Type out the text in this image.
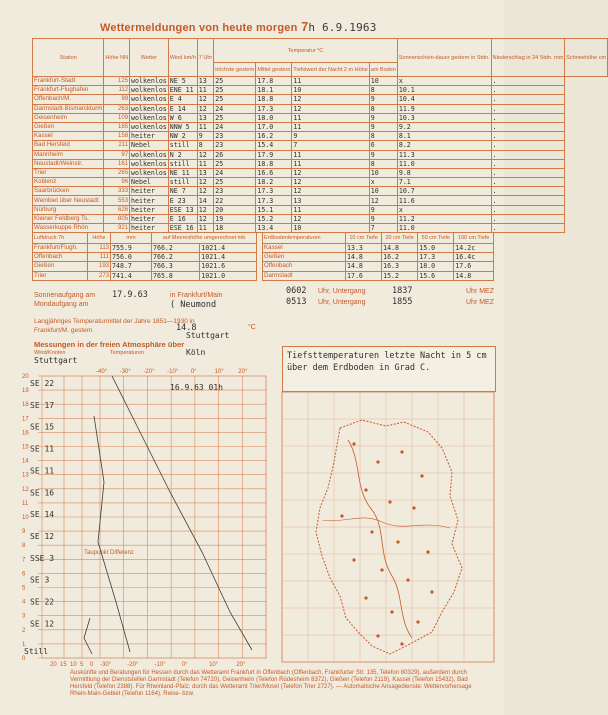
Wettermeldungen von heute morgen 7h 6.9.1963
Station	Höhe NN	Wetter	Wind km/h	7 Uhr	Temperatur °C				Sonnenschein-dauer gestern in Stdn.	Niederschlag in 24 Stdn. mm	Schneehöhe cm
					höchste gestern	Mittel gestern	Tiefstwert der Nacht 2 m Höhe	am Boden			
Frankfurt-Stadt	125	wolkenlos	NE 5	13	25	17.8	11	10	x	.	
Frankfurt-Flughafen	112	wolkenlos	ENE 11	11	25	18.1	10	8	10.1	.	
Offenbach/M.	99	wolkenlos	E 4	12	25	18.8	12	9	10.4	.	
Darmstadt-Bismarckturm	263	wolkenlos	E 14	12	24	17.3	12	8	11.9	.	
Geisenheim	109	wolkenlos	W 6	13	25	18.0	11	9	10.3	.	
Gießen	185	wolkenlos	NNW 5	11	24	17.0	11	9	9.2	.	
Kassel	158	heiter	NW 2	9	23	16.2	9	8	8.1	.	
Bad Hersfeld	211	Nebel	still	8	23	15.4	7	6	8.2	.	
Mannheim	97	wolkenlos	N 2	12	26	17.9	11	9	11.3	.	
Neustadt/Weinstr.	161	wolkenlos	still	11	25	18.8	11	8	11.0	.	
Trier	265	wolkenlos	NE 11	13	24	16.6	12	10	9.8	.	
Koblenz	96	Nebel	still	12	25	18.2	12	x	7.1	.	
Saarbrücken	333	heiter	NE 7	12	23	17.3	12	10	10.7	.	
Weinbiet über Neustadt	553	heiter	E 23	14	22	17.3	13	12	11.6	.	
Nürburg	626	heiter	ESE 13	12	20	15.1	11	9	x	.	
Kleiner Feldberg Ts.	805	heiter	E 16	12	19	15.2	12	9	11.2	.	
Wasserkuppe Rhön	921	heiter	ESE 16	11	18	13.4	10	7	11.0	.	
Luftdruck 7h	Höhe	mm	auf Meereshöhe umgerechnet mb	
Frankfurt/Flugh.	113	755.9	766.2	1021.4
Offenbach	111	756.0	766.2	1021.4
Gießen	193	748.7	766.3	1021.6
Trier	273	741.4	765.8	1021.0
Erdbodentemperaturen	10 cm Tiefe	20 cm Tiefe	50 cm Tiefe	100 cm Tiefe
Kassel	13.3	14.8	15.0	14.2c
Gießen	14.8	16.2	17.3	16.4c
Offenbach	14.8	16.3	18.0	17.6
Darmstadt	17.6	15.2	15.6	14.8
Sonnenaufgang am 17.9.63	in Frankfurt/Main	0602 Uhr, Untergang	1837	Uhr MEZ
Mondaufgang am	( Neumond	0513 Uhr, Untergang	1855	Uhr MEZ
Langjähriges Temperaturmittel der Jahre 1851—1930 in
Frankfurt/M. gestern	14.8	°C
Stuttgart
Tiefsttemperaturen letzte Nacht in 5 cm über dem Erdboden in Grad C.
Messungen in der freien Atmosphäre über
Köln
Wind/Knoten	Temperaturen
Stuttgart
20
19
18
17
16
15
14
13
12
11
10
9
8
7
6
5
4
3
2
1
0
-40° -30° -20° -10° 0°	10° 20°
20 15 10 5 0 -30°	-20°	-10°	0°	10°	20°
Taupunkt Differenz
16.9.63 01h
Still
SE 22
SE 17
SE 15
SE 11
SE 11
SE 16
SE 14
SE 12
SSE 3
SE 3
SE 22
SE 12
Auskünfte und Beratungen für Hessen durch das Wetteramt Frankfurt in Offenbach (Offenbach, Frankfurter Str. 135, Telefon 80329), außerdem durch Vermittlung der Dienststellen Darmstadt (Telefon 74720), Geisenheim (Telefon Rüdesheim 8372), Gießen (Telefon 2119), Kassel (Telefon 15432), Bad Hersfeld (Telefon 2388). Für Rheinland-Pfalz: durch das Wetteramt Trier/Mosel (Telefon Trier 2727). — Automatische Ansagedienste: Wettervorhersage Rhein-Main-Gebiet (Telefon 1164). Reise- bzw.
